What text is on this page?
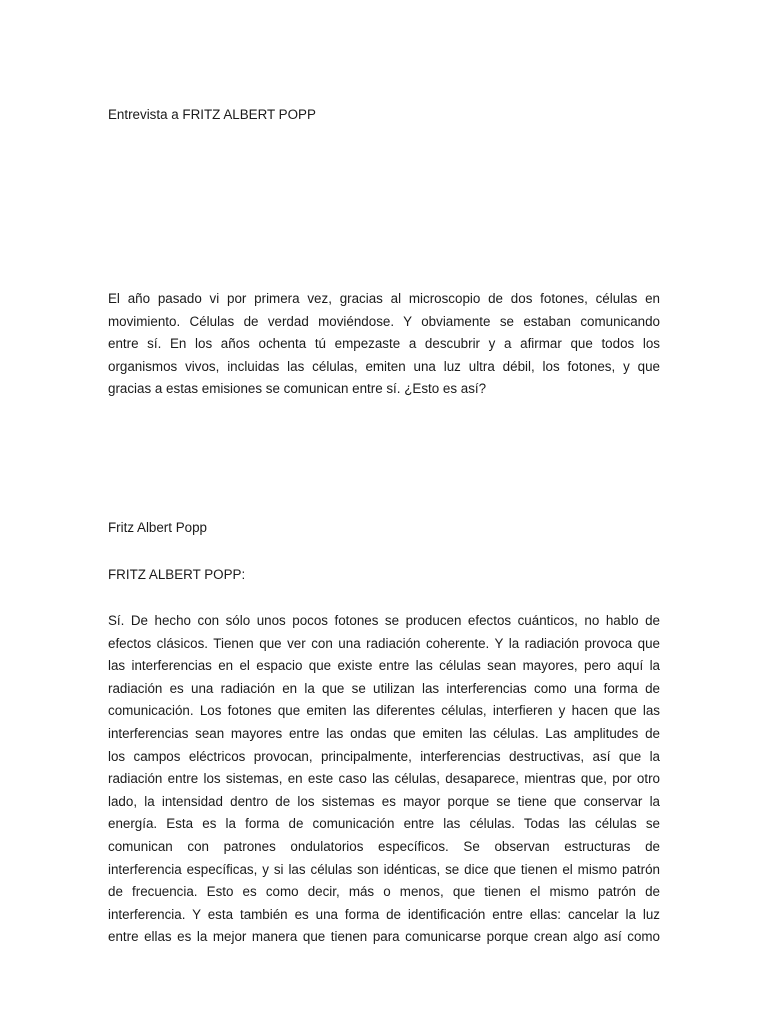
Entrevista a FRITZ ALBERT POPP

El año pasado vi por primera vez, gracias al microscopio de dos fotones, células en
movimiento. Células de verdad moviéndose. Y obviamente se estaban comunicando
entre sí. En los años ochenta tú empezaste a descubrir y a afirmar que todos los
organismos vivos, incluidas las células, emiten una luz ultra débil, los fotones, y que
gracias a estas emisiones se comunican entre sí. ¿Esto es así?

Fritz Albert Popp

FRITZ ALBERT POPP:

Sí. De hecho con sólo unos pocos fotones se producen efectos cuánticos, no hablo de
efectos clásicos. Tienen que ver con una radiación coherente. Y la radiación provoca que
las interferencias en el espacio que existe entre las células sean mayores, pero aquí la
radiación es una radiación en la que se utilizan las interferencias como una forma de
comunicación. Los fotones que emiten las diferentes células, interfieren y hacen que las
interferencias sean mayores entre las ondas que emiten las células. Las amplitudes de
los campos eléctricos provocan, principalmente, interferencias destructivas, así que la
radiación entre los sistemas, en este caso las células, desaparece, mientras que, por otro
lado, la intensidad dentro de los sistemas es mayor porque se tiene que conservar la
energía. Esta es la forma de comunicación entre las células. Todas las células se
comunican con patrones ondulatorios específicos. Se observan estructuras de
interferencia específicas, y si las células son idénticas, se dice que tienen el mismo patrón
de frecuencia. Esto es como decir, más o menos, que tienen el mismo patrón de
interferencia. Y esta también es una forma de identificación entre ellas: cancelar la luz
entre ellas es la mejor manera que tienen para comunicarse porque crean algo así como
